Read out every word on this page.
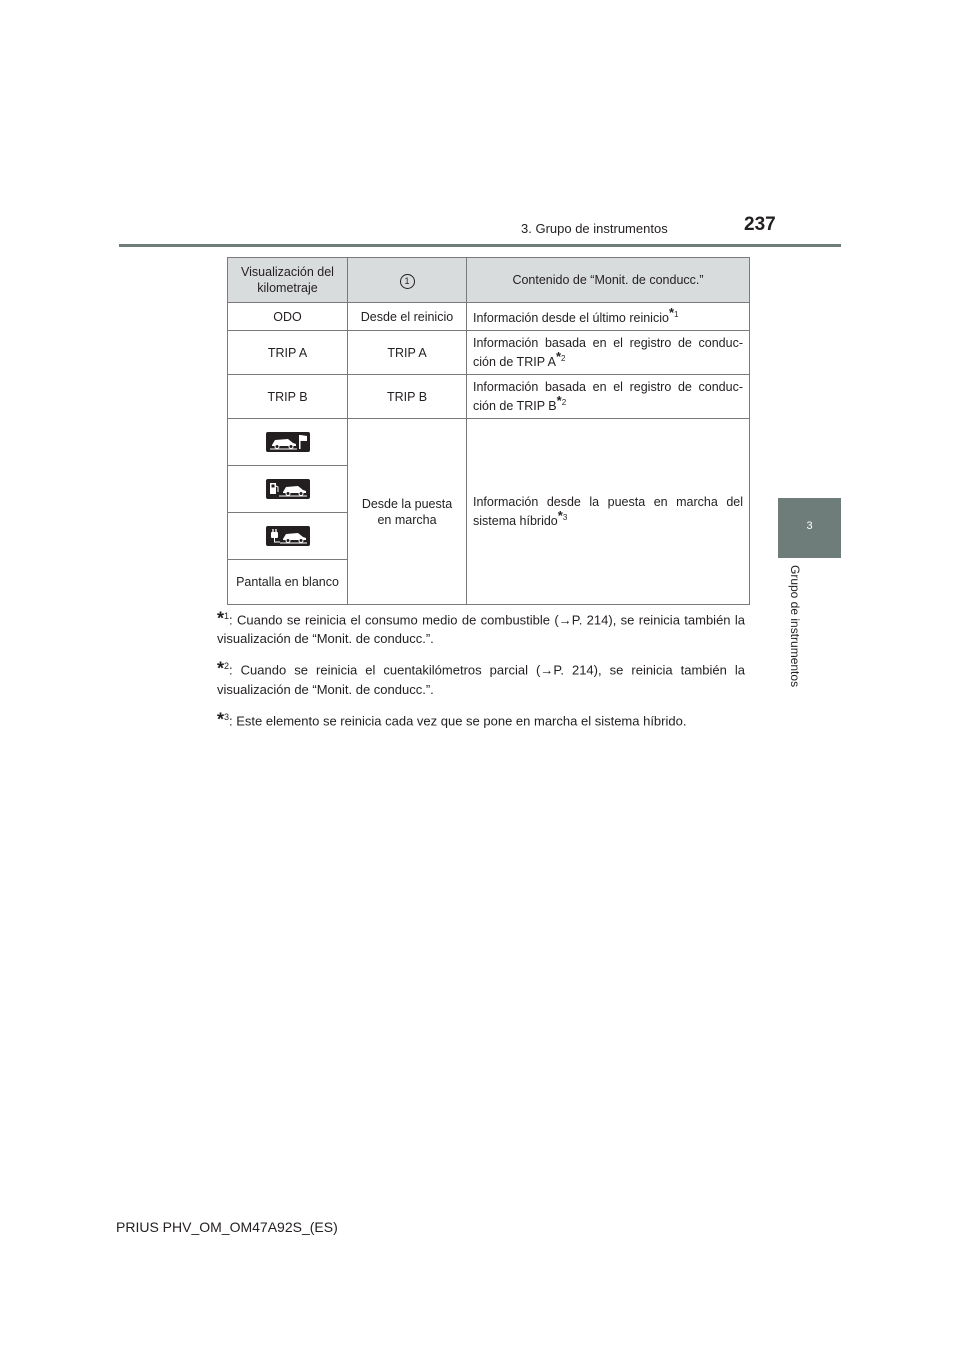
237
3. Grupo de instrumentos
3
Grupo de instrumentos
Visualización del kilometraje	1	Contenido de “Monit. de conducc.”
ODO	Desde el reinicio	Información desde el último reinicio*$^1$
TRIP A	TRIP A	Información basada en el registro de conduc-ción de TRIP A*$^2$
TRIP B	TRIP B	Información basada en el registro de conduc-ción de TRIP B*$^2$

	Desde la puesta en marcha	Información desde la puesta en marcha del sistema híbrido*$^3$

Pantalla en blanco		
*$^1$: Cuando se reinicia el consumo medio de combustible (→P. 214), se reinicia también la visualización de “Monit. de conducc.”.
*$^2$: Cuando se reinicia el cuentakilómetros parcial (→P. 214), se reinicia también la visualización de “Monit. de conducc.”.
*$^3$: Este elemento se reinicia cada vez que se pone en marcha el sistema híbrido.
PRIUS PHV_OM_OM47A92S_(ES)
